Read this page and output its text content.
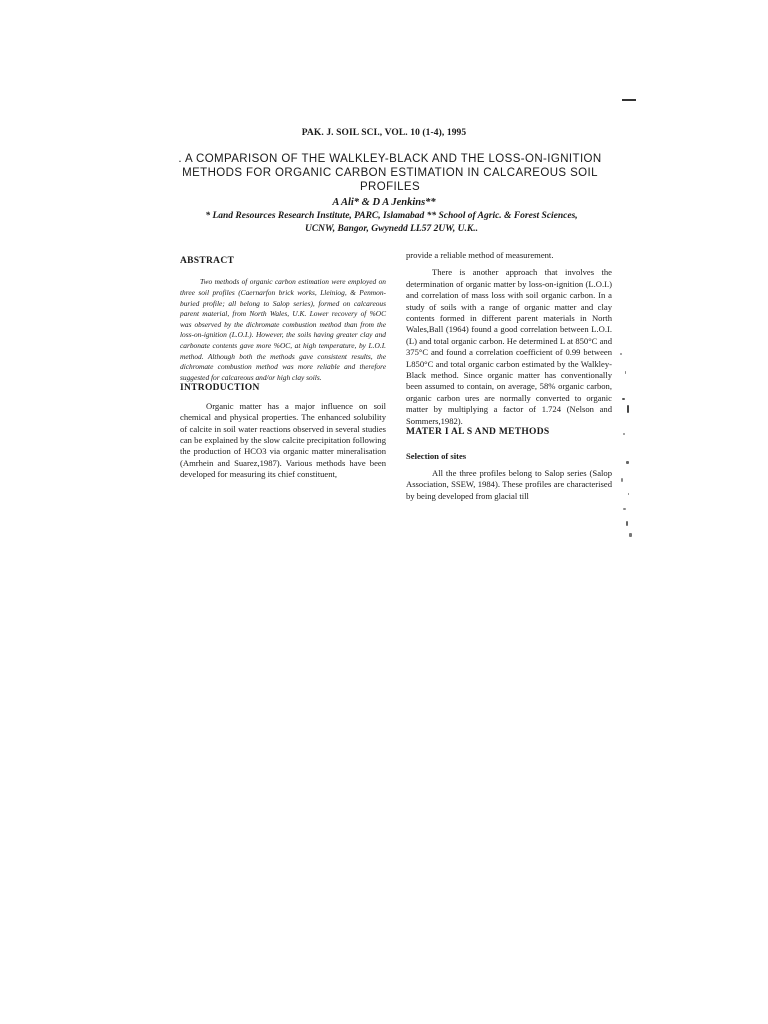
PAK. J. SOIL SCI., VOL. 10 (1-4), 1995
. A COMPARISON OF THE WALKLEY-BLACK AND THE LOSS-ON-IGNITION
METHODS FOR ORGANIC CARBON ESTIMATION IN CALCAREOUS SOIL
PROFILES
A Ali* & D A Jenkins**
* Land Resources Research Institute, PARC, Islamabad ** School of Agric. & Forest Sciences,
UCNW, Bangor, Gwynedd LL57 2UW, U.K..
ABSTRACT

Two methods of organic carbon estimation were employed on three soil profiles (Caernarfon brick works, Lleiniog, & Penmon-buried profile; all belong to Salop series), formed on calcareous parent material, from North Wales, U.K. Lower recovery of %OC was observed by the dichromate combustion method than from the loss-on-ignition (L.O.I.). However, the soils having greater clay and carbonate contents gave more %OC, at high temperature, by L.O.I. method. Although both the methods gave consistent results, the dichromate combustion method was more reliable and therefore suggested for calcareous and/or high clay soils.

INTRODUCTION

Organic matter has a major influence on soil chemical and physical properties. The enhanced solubility of calcite in soil water reactions observed in several studies can be explained by the slow calcite precipitation following the production of HCO3 via organic matter mineralisation (Amrhein and Suarez,1987). Various methods have been developed for measuring its chief constituent,

provide a reliable method of measurement.

There is another approach that involves the determination of organic matter by loss-on-ignition (L.O.I.) and correlation of mass loss with soil organic carbon. In a study of soils with a range of organic matter and clay contents formed in different parent materials in North Wales,Ball (1964) found a good correlation between L.O.I. (L) and total organic carbon. He determined L at 850°C and 375°C and found a correlation coefficient of 0.99 between L850°C and total organic carbon estimated by the Walkley-Black method. Since organic matter has conventionally been assumed to contain, on average, 58% organic carbon, organic carbon ures are normally converted to organic matter by multiplying a factor of 1.724 (Nelson and Sommers,1982).

MATER I AL S AND METHODS
Selection of sites

All the three profiles belong to Salop series (Salop Association, SSEW, 1984). These profiles are characterised by being developed from glacial till
